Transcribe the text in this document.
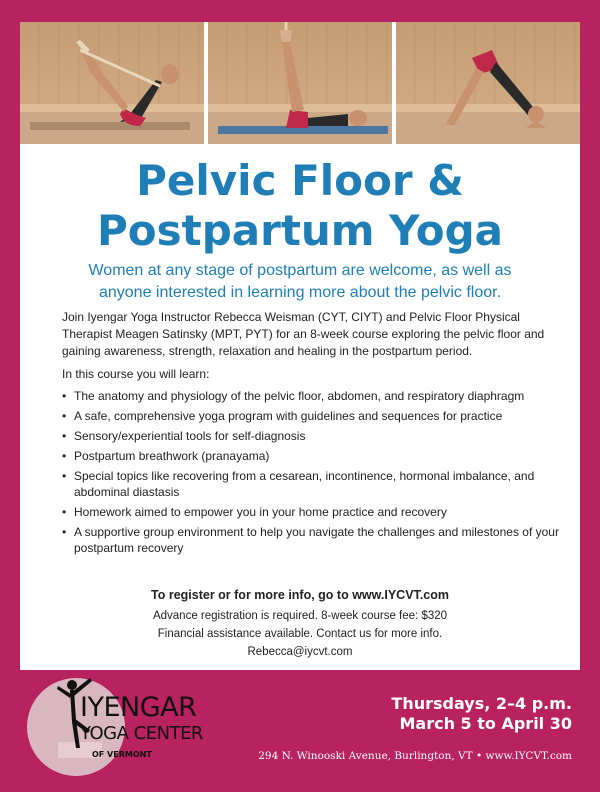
Pelvic Floor &
Postpartum Yoga

Women at any stage of postpartum are welcome, as well as
anyone interested in learning more about the pelvic floor.

Join Iyengar Yoga Instructor Rebecca Weisman (CYT, CIYT) and Pelvic Floor Physical Therapist Meagen Satinsky (MPT, PYT) for an 8-week course exploring the pelvic floor and gaining awareness, strength, relaxation and healing in the postpartum period.

In this course you will learn:

• The anatomy and physiology of the pelvic floor, abdomen, and respiratory diaphragm
• A safe, comprehensive yoga program with guidelines and sequences for practice
• Sensory/experiential tools for self-diagnosis
• Postpartum breathwork (pranayama)
• Special topics like recovering from a cesarean, incontinence, hormonal imbalance, and abdominal diastasis
• Homework aimed to empower you in your home practice and recovery
• A supportive group environment to help you navigate the challenges and milestones of your postpartum recovery

To register or for more info, go to www.IYCVT.com

Advance registration is required. 8-week course fee: $320

Financial assistance available. Contact us for more info.

Rebecca@iycvt.com

IYENGAR

YOGA CENTER

OF VERMONT

Thursdays, 2–4 p.m.
March 5 to April 30

294 N. Winooski Avenue, Burlington, VT • www.IYCVT.com
